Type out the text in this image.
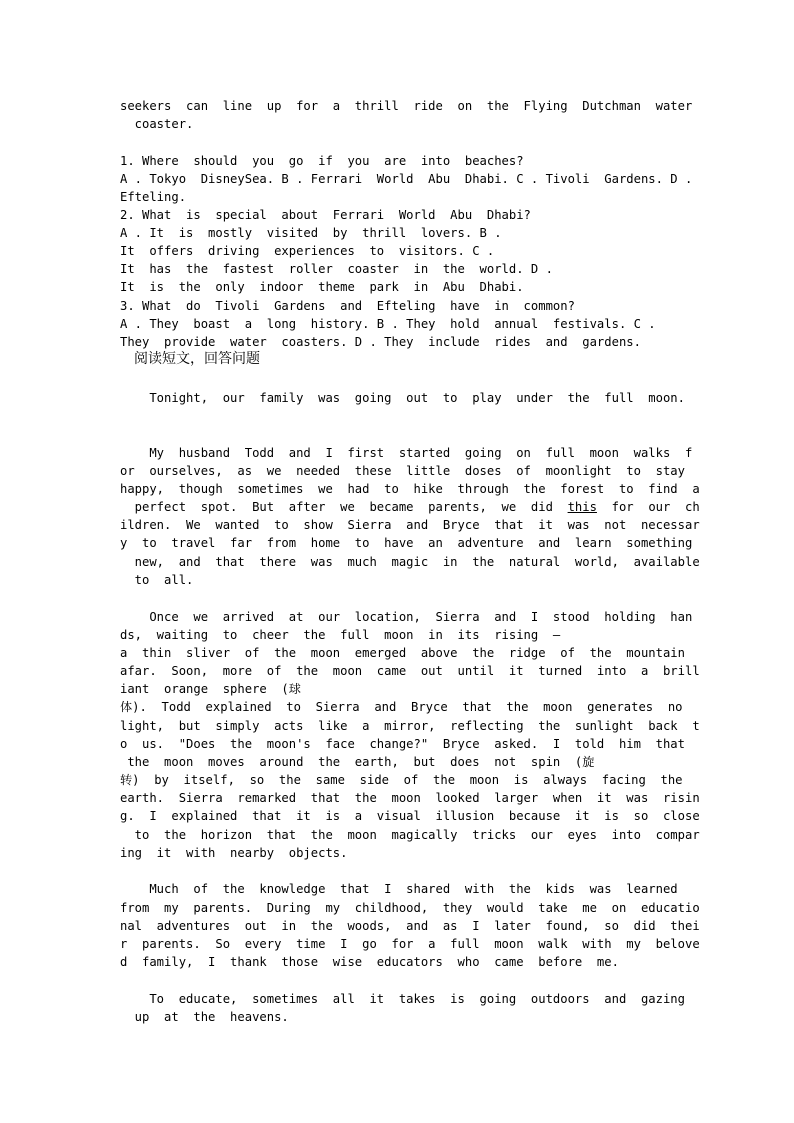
seekers  can  line  up  for  a  thrill  ride  on  the  Flying  Dutchman  water
coaster.
1. Where  should  you  go  if  you  are  into  beaches?
A . Tokyo  DisneySea. B . Ferrari  World  Abu  Dhabi. C . Tivoli  Gardens. D .
Efteling.
2. What  is  special  about  Ferrari  World  Abu  Dhabi?
A . It  is  mostly  visited  by  thrill  lovers. B .
It  offers  driving  experiences  to  visitors. C .
It  has  the  fastest  roller  coaster  in  the  world. D .
It  is  the  only  indoor  theme  park  in  Abu  Dhabi.
3. What  do  Tivoli  Gardens  and  Efteling  have  in  common?
A . They  boast  a  long  history. B . They  hold  annual  festivals. C .
They  provide  water  coasters. D . They  include  rides  and  gardens.
阅读短文，回答问题
Tonight,  our  family  was  going  out  to  play  under  the  full  moon.
My  husband  Todd  and  I  first  started  going  on  full  moon  walks  f
or  ourselves,  as  we  needed  these  little  doses  of  moonlight  to  stay
happy,  though  sometimes  we  had  to  hike  through  the  forest  to  find  a
perfect  spot.  But  after  we  became  parents,  we  did  this  for  our  ch
ildren.  We  wanted  to  show  Sierra  and  Bryce  that  it  was  not  necessar
y  to  travel  far  from  home  to  have  an  adventure  and  learn  something
new,  and  that  there  was  much  magic  in  the  natural  world,  available
to  all.
Once  we  arrived  at  our  location,  Sierra  and  I  stood  holding  han
ds,  waiting  to  cheer  the  full  moon  in  its  rising  —
a  thin  sliver  of  the  moon  emerged  above  the  ridge  of  the  mountain
afar.  Soon,  more  of  the  moon  came  out  until  it  turned  into  a  brill
iant  orange  sphere  (球
体).  Todd  explained  to  Sierra  and  Bryce  that  the  moon  generates  no
light,  but  simply  acts  like  a  mirror,  reflecting  the  sunlight  back  t
o  us.  "Does  the  moon's  face  change?"  Bryce  asked.  I  told  him  that
the  moon  moves  around  the  earth,  but  does  not  spin  (旋
转)  by  itself,  so  the  same  side  of  the  moon  is  always  facing  the
earth.  Sierra  remarked  that  the  moon  looked  larger  when  it  was  risin
g.  I  explained  that  it  is  a  visual  illusion  because  it  is  so  close
to  the  horizon  that  the  moon  magically  tricks  our  eyes  into  compar
ing  it  with  nearby  objects.
Much  of  the  knowledge  that  I  shared  with  the  kids  was  learned
from  my  parents.  During  my  childhood,  they  would  take  me  on  educatio
nal  adventures  out  in  the  woods,  and  as  I  later  found,  so  did  thei
r  parents.  So  every  time  I  go  for  a  full  moon  walk  with  my  belove
d  family,  I  thank  those  wise  educators  who  came  before  me.
To  educate,  sometimes  all  it  takes  is  going  outdoors  and  gazing
up  at  the  heavens.
